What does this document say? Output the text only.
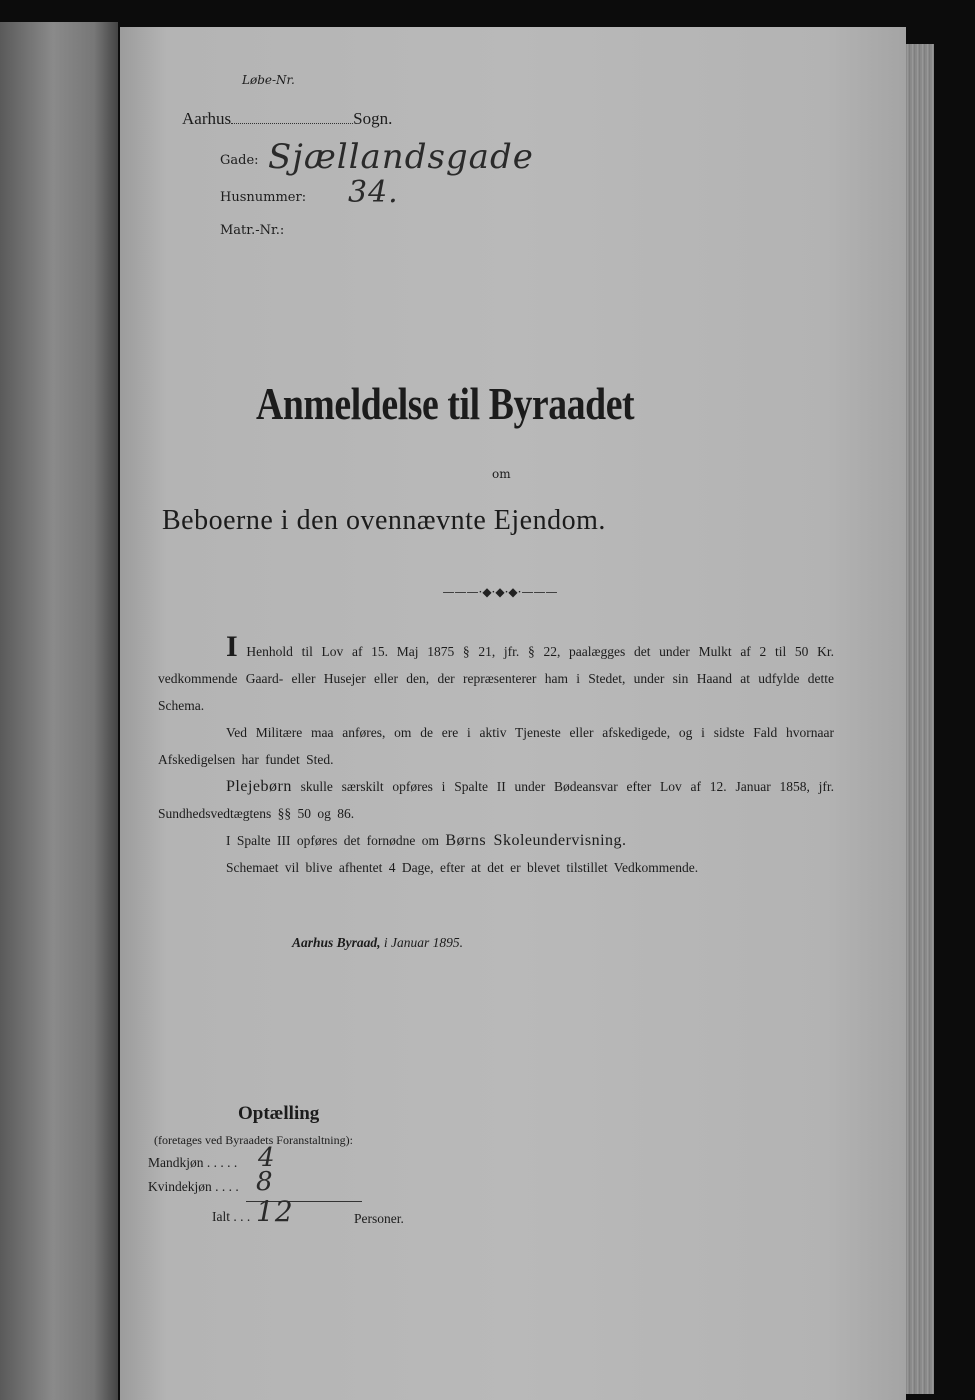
Løbe-Nr.
Aarhus	Sogn.
Gade: Sjællandsgade
Husnummer: 34.
Matr.-Nr.:
Anmeldelse til Byraadet
om
Beboerne i den ovennævnte Ejendom.
———·◆·◆·◆·———

I Henhold til Lov af 15. Maj 1875 § 21, jfr. § 22, paalægges det under Mulkt af 2 til 50 Kr. vedkommende Gaard- eller Husejer eller den, der repræsenterer ham i Stedet, under sin Haand at udfylde dette Schema.

Ved Militære maa anføres, om de ere i aktiv Tjeneste eller afskedigede, og i sidste Fald hvornaar Afskedigelsen har fundet Sted.

Plejebørn skulle særskilt opføres i Spalte II under Bødeansvar efter Lov af 12. Januar 1858, jfr. Sundhedsvedtægtens §§ 50 og 86.

I Spalte III opføres det fornødne om Børns Skoleundervisning.

Schemaet vil blive afhentet 4 Dage, efter at det er blevet tilstillet Vedkommende.

Aarhus Byraad, i Januar 1895.
Optælling
(foretages ved Byraadets Foranstaltning):
Mandkjøn . . . . . 4
Kvindekjøn . . . . 8
Ialt . . . 12	Personer.
